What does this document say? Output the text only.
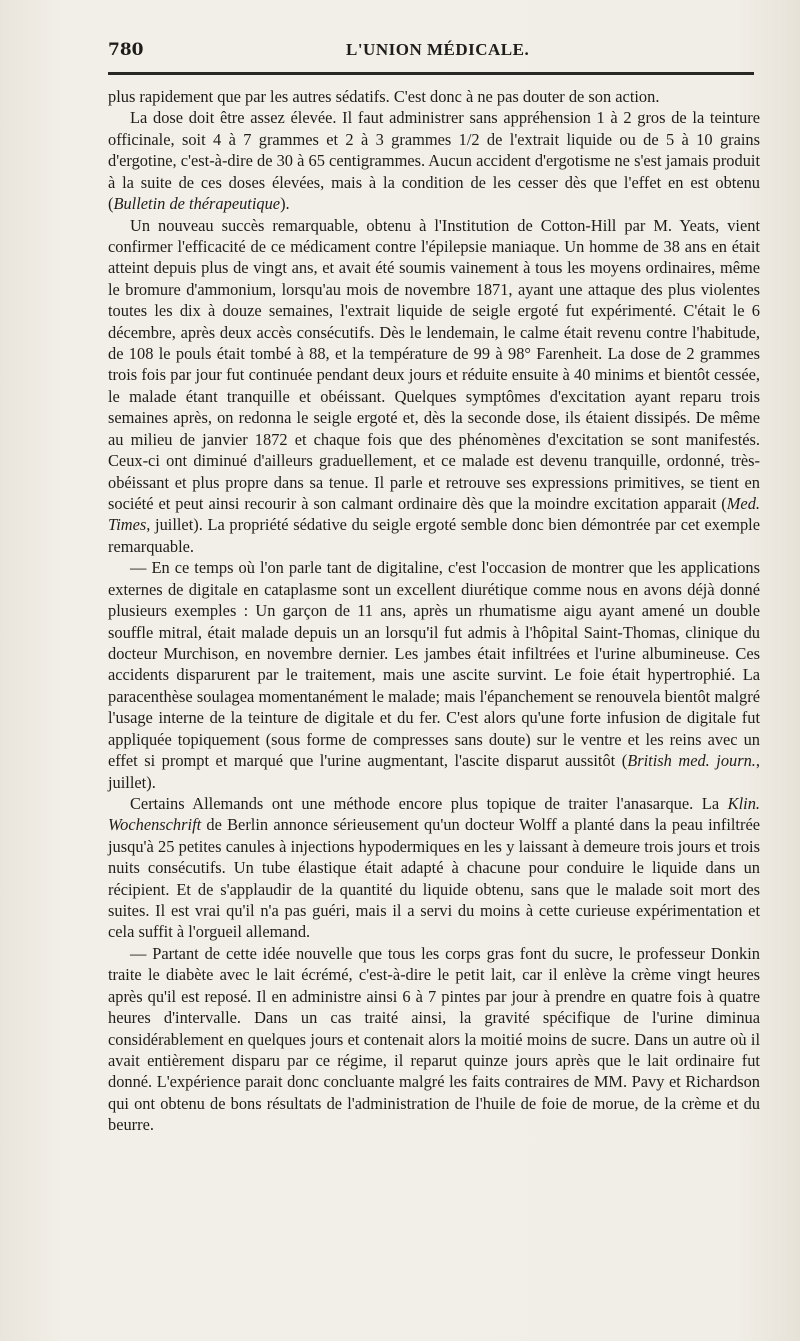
780	L'UNION MÉDICALE.

plus rapidement que par les autres sédatifs. C'est donc à ne pas douter de son action.

La dose doit être assez élevée. Il faut administrer sans appréhension 1 à 2 gros de la teinture officinale, soit 4 à 7 grammes et 2 à 3 grammes 1/2 de l'extrait liquide ou de 5 à 10 grains d'ergotine, c'est-à-dire de 30 à 65 centigrammes. Aucun accident d'ergotisme ne s'est jamais produit à la suite de ces doses élevées, mais à la condition de les cesser dès que l'effet en est obtenu (Bulletin de thérapeutique).

Un nouveau succès remarquable, obtenu à l'Institution de Cotton-Hill par M. Yeats, vient confirmer l'efficacité de ce médicament contre l'épilepsie maniaque. Un homme de 38 ans en était atteint depuis plus de vingt ans, et avait été soumis vainement à tous les moyens ordinaires, même le bromure d'ammonium, lorsqu'au mois de novembre 1871, ayant une attaque des plus violentes toutes les dix à douze semaines, l'extrait liquide de seigle ergoté fut expérimenté. C'était le 6 décembre, après deux accès consécutifs. Dès le lendemain, le calme était revenu contre l'habitude, de 108 le pouls était tombé à 88, et la température de 99 à 98° Farenheit. La dose de 2 grammes trois fois par jour fut continuée pendant deux jours et réduite ensuite à 40 minims et bientôt cessée, le malade étant tranquille et obéissant. Quelques symptômes d'excitation ayant reparu trois semaines après, on redonna le seigle ergoté et, dès la seconde dose, ils étaient dissipés. De même au milieu de janvier 1872 et chaque fois que des phénomènes d'excitation se sont manifestés. Ceux-ci ont diminué d'ailleurs graduellement, et ce malade est devenu tranquille, ordonné, très-obéissant et plus propre dans sa tenue. Il parle et retrouve ses expressions primitives, se tient en société et peut ainsi recourir à son calmant ordinaire dès que la moindre excitation apparait (Med. Times, juillet). La propriété sédative du seigle ergoté semble donc bien démontrée par cet exemple remarquable.

— En ce temps où l'on parle tant de digitaline, c'est l'occasion de montrer que les applications externes de digitale en cataplasme sont un excellent diurétique comme nous en avons déjà donné plusieurs exemples : Un garçon de 11 ans, après un rhumatisme aigu ayant amené un double souffle mitral, était malade depuis un an lorsqu'il fut admis à l'hôpital Saint-Thomas, clinique du docteur Murchison, en novembre dernier. Les jambes était infiltrées et l'urine albumineuse. Ces accidents disparurent par le traitement, mais une ascite survint. Le foie était hypertrophié. La paracenthèse soulagea momentanément le malade; mais l'épanchement se renouvela bientôt malgré l'usage interne de la teinture de digitale et du fer. C'est alors qu'une forte infusion de digitale fut appliquée topiquement (sous forme de compresses sans doute) sur le ventre et les reins avec un effet si prompt et marqué que l'urine augmentant, l'ascite disparut aussitôt (British med. journ., juillet).

Certains Allemands ont une méthode encore plus topique de traiter l'anasarque. La Klin. Wochenschrift de Berlin annonce sérieusement qu'un docteur Wolff a planté dans la peau infiltrée jusqu'à 25 petites canules à injections hypodermiques en les y laissant à demeure trois jours et trois nuits consécutifs. Un tube élastique était adapté à chacune pour conduire le liquide dans un récipient. Et de s'applaudir de la quantité du liquide obtenu, sans que le malade soit mort des suites. Il est vrai qu'il n'a pas guéri, mais il a servi du moins à cette curieuse expérimentation et cela suffit à l'orgueil allemand.

— Partant de cette idée nouvelle que tous les corps gras font du sucre, le professeur Donkin traite le diabète avec le lait écrémé, c'est-à-dire le petit lait, car il enlève la crème vingt heures après qu'il est reposé. Il en administre ainsi 6 à 7 pintes par jour à prendre en quatre fois à quatre heures d'intervalle. Dans un cas traité ainsi, la gravité spécifique de l'urine diminua considérablement en quelques jours et contenait alors la moitié moins de sucre. Dans un autre où il avait entièrement disparu par ce régime, il reparut quinze jours après que le lait ordinaire fut donné. L'expérience parait donc concluante malgré les faits contraires de MM. Pavy et Richardson qui ont obtenu de bons résultats de l'administration de l'huile de foie de morue, de la crème et du beurre.
